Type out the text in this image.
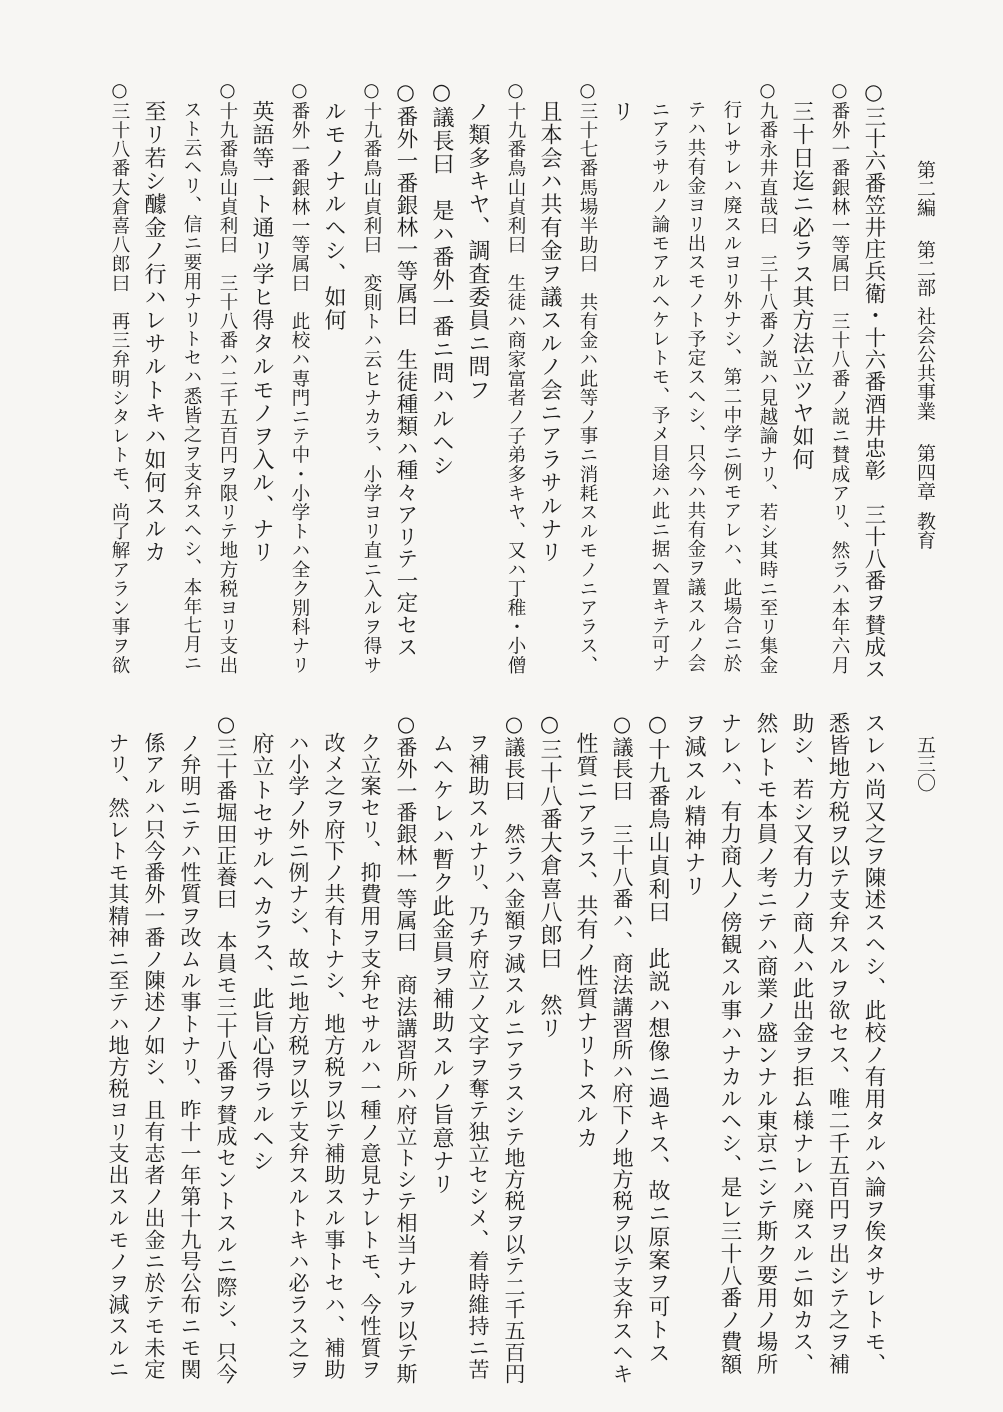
第二編第二部社会公共事業第四章教育
五三〇
○三十六番笠井庄兵衛・十六番酒井忠彰　三十八番ヲ賛成ス
○番外一番銀林一等属曰　三十八番ノ説ニ賛成アリ、然ラハ本年六月
三十日迄ニ必ラス其方法立ツヤ如何
○九番永井直哉曰　三十八番ノ説ハ見越論ナリ、若シ其時ニ至リ集金
行レサレハ廃スルヨリ外ナシ、第二中学ニ例モアレハ、此場合ニ於
テハ共有金ヨリ出スモノト予定スヘシ、只今ハ共有金ヲ議スルノ会
ニアラサルノ論モアルヘケレトモ、予メ目途ハ此ニ据ヘ置キテ可ナ
リ
○三十七番馬場半助曰　共有金ハ此等ノ事ニ消耗スルモノニアラス、
且本会ハ共有金ヲ議スルノ会ニアラサルナリ
○十九番鳥山貞利曰　生徒ハ商家富者ノ子弟多キヤ、又ハ丁稚・小僧
ノ類多キヤ、調査委員ニ問フ
○議長曰　是ハ番外一番ニ問ハルヘシ
○番外一番銀林一等属曰　生徒種類ハ種々アリテ一定セス
○十九番鳥山貞利曰　変則トハ云ヒナカラ、小学ヨリ直ニ入ルヲ得サ
ルモノナルヘシ、如何
○番外一番銀林一等属曰　此校ハ専門ニテ中・小学トハ全ク別科ナリ
英語等一ト通リ学ヒ得タルモノヲ入ル、ナリ
○十九番鳥山貞利曰　三十八番ハ二千五百円ヲ限リテ地方税ヨリ支出
スト云ヘリ、信ニ要用ナリトセハ悉皆之ヲ支弁スヘシ、本年七月ニ
至リ若シ醵金ノ行ハレサルトキハ如何スルカ
○三十八番大倉喜八郎曰　再三弁明シタレトモ、尚了解アラン事ヲ欲
スレハ尚又之ヲ陳述スヘシ、此校ノ有用タルハ論ヲ俟タサレトモ、
悉皆地方税ヲ以テ支弁スルヲ欲セス、唯二千五百円ヲ出シテ之ヲ補
助シ、若シ又有力ノ商人ハ此出金ヲ拒ム様ナレハ廃スルニ如カス、
然レトモ本員ノ考ニテハ商業ノ盛ンナル東京ニシテ斯ク要用ノ場所
ナレハ、有力商人ノ傍観スル事ハナカルヘシ、是レ三十八番ノ費額
ヲ減スル精神ナリ
○十九番鳥山貞利曰　此説ハ想像ニ過キス、故ニ原案ヲ可トス
○議長曰　三十八番ハ、商法講習所ハ府下ノ地方税ヲ以テ支弁スヘキ
性質ニアラス、共有ノ性質ナリトスルカ
○三十八番大倉喜八郎曰　然リ
○議長曰　然ラハ金額ヲ減スルニアラスシテ地方税ヲ以テ二千五百円
ヲ補助スルナリ、乃チ府立ノ文字ヲ奪テ独立セシメ、着時維持ニ苦
ムヘケレハ暫ク此金員ヲ補助スルノ旨意ナリ
○番外一番銀林一等属曰　商法講習所ハ府立トシテ相当ナルヲ以テ斯
ク立案セリ、抑費用ヲ支弁セサルハ一種ノ意見ナレトモ、今性質ヲ
改メ之ヲ府下ノ共有トナシ、地方税ヲ以テ補助スル事トセハ、補助
ハ小学ノ外ニ例ナシ、故ニ地方税ヲ以テ支弁スルトキハ必ラス之ヲ
府立トセサルヘカラス、此旨心得ラルヘシ
○三十番堀田正養曰　本員モ三十八番ヲ賛成セントスルニ際シ、只今
ノ弁明ニテハ性質ヲ改ムル事トナリ、昨十一年第十九号公布ニモ関
係アルハ只今番外一番ノ陳述ノ如シ、且有志者ノ出金ニ於テモ未定
ナリ、然レトモ其精神ニ至テハ地方税ヨリ支出スルモノヲ減スルニ
